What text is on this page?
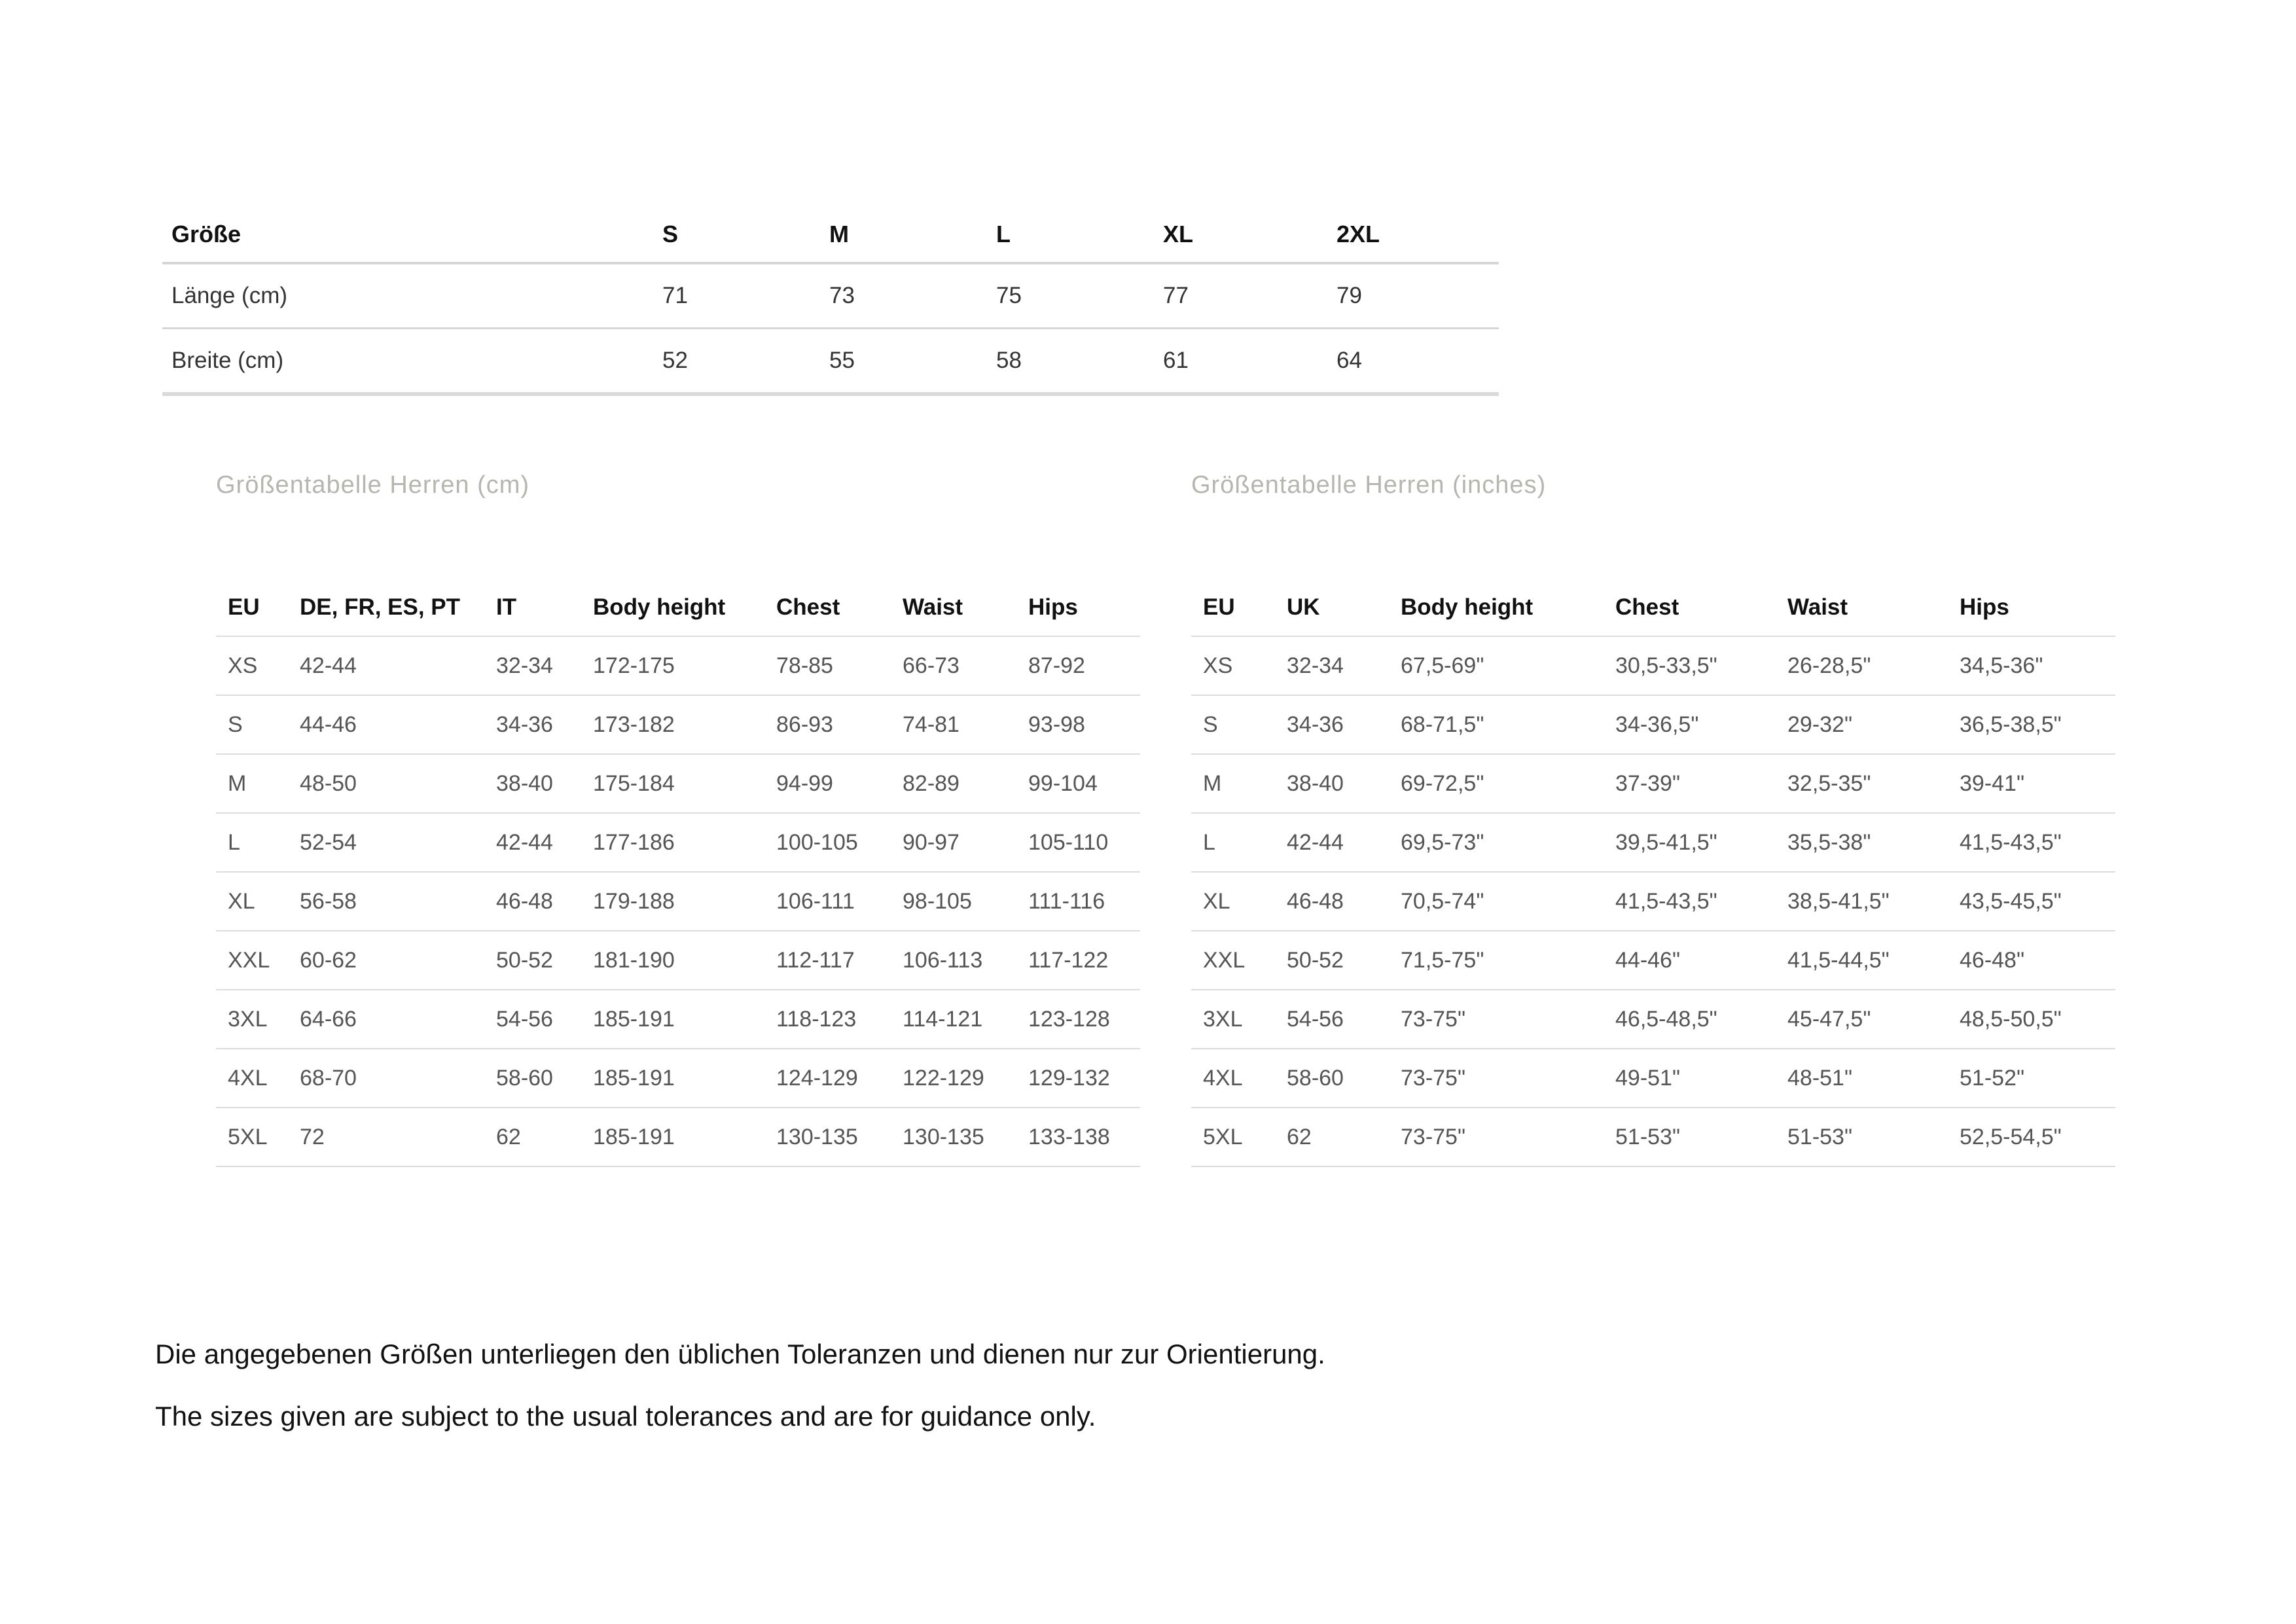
Größe	S	M	L	XL	2XL
Länge (cm)	71	73	75	77	79
Breite (cm)	52	55	58	61	64
Größentabelle Herren (cm)	Größentabelle Herren (inches)
EU	DE, FR, ES, PT	IT	Body height	Chest	Waist	Hips
XS	42-44	32-34	172-175	78-85	66-73	87-92
S	44-46	34-36	173-182	86-93	74-81	93-98
M	48-50	38-40	175-184	94-99	82-89	99-104
L	52-54	42-44	177-186	100-105	90-97	105-110
XL	56-58	46-48	179-188	106-111	98-105	111-116
XXL	60-62	50-52	181-190	112-117	106-113	117-122
3XL	64-66	54-56	185-191	118-123	114-121	123-128
4XL	68-70	58-60	185-191	124-129	122-129	129-132
5XL	72	62	185-191	130-135	130-135	133-138
EU	UK	Body height	Chest	Waist	Hips
XS	32-34	67,5-69"	30,5-33,5"	26-28,5"	34,5-36"
S	34-36	68-71,5"	34-36,5"	29-32"	36,5-38,5"
M	38-40	69-72,5"	37-39"	32,5-35"	39-41"
L	42-44	69,5-73"	39,5-41,5"	35,5-38"	41,5-43,5"
XL	46-48	70,5-74"	41,5-43,5"	38,5-41,5"	43,5-45,5"
XXL	50-52	71,5-75"	44-46"	41,5-44,5"	46-48"
3XL	54-56	73-75"	46,5-48,5"	45-47,5"	48,5-50,5"
4XL	58-60	73-75"	49-51"	48-51"	51-52"
5XL	62	73-75"	51-53"	51-53"	52,5-54,5"
Die angegebenen Größen unterliegen den üblichen Toleranzen und dienen nur zur Orientierung.
The sizes given are subject to the usual tolerances and are for guidance only.
